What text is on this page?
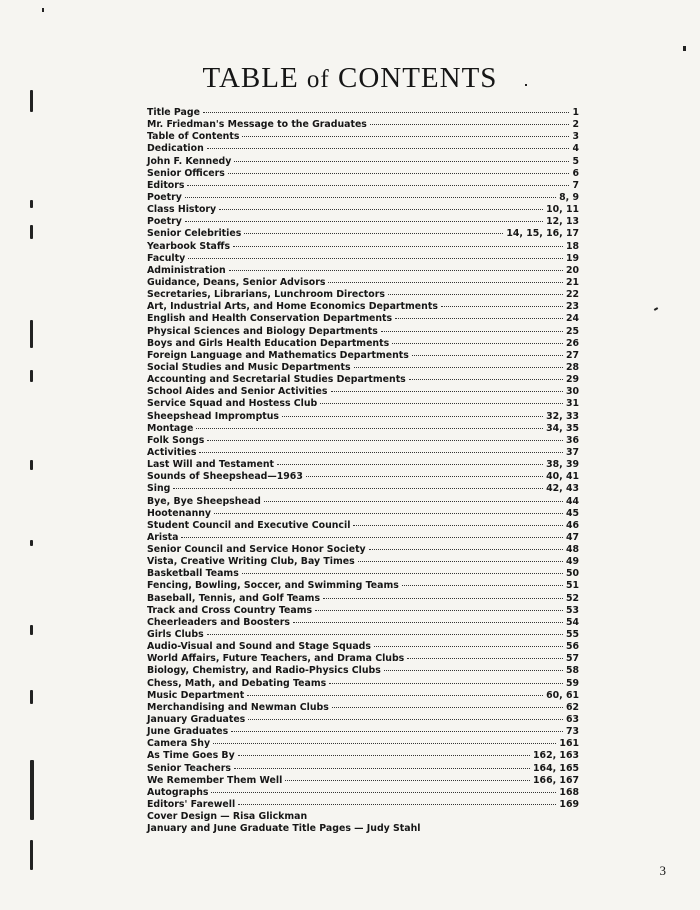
TABLE of CONTENTS
Title Page	1
Mr. Friedman's Message to the Graduates	2
Table of Contents	3
Dedication	4
John F. Kennedy	5
Senior Officers	6
Editors	7
Poetry	8, 9
Class History	10, 11
Poetry	12, 13
Senior Celebrities	14, 15, 16, 17
Yearbook Staffs	18
Faculty	19
Administration	20
Guidance, Deans, Senior Advisors	21
Secretaries, Librarians, Lunchroom Directors	22
Art, Industrial Arts, and Home Economics Departments	23
English and Health Conservation Departments	24
Physical Sciences and Biology Departments	25
Boys and Girls Health Education Departments	26
Foreign Language and Mathematics Departments	27
Social Studies and Music Departments	28
Accounting and Secretarial Studies Departments	29
School Aides and Senior Activities	30
Service Squad and Hostess Club	31
Sheepshead Impromptus	32, 33
Montage	34, 35
Folk Songs	36
Activities	37
Last Will and Testament	38, 39
Sounds of Sheepshead—1963	40, 41
Sing	42, 43
Bye, Bye Sheepshead	44
Hootenanny	45
Student Council and Executive Council	46
Arista	47
Senior Council and Service Honor Society	48
Vista, Creative Writing Club, Bay Times	49
Basketball Teams	50
Fencing, Bowling, Soccer, and Swimming Teams	51
Baseball, Tennis, and Golf Teams	52
Track and Cross Country Teams	53
Cheerleaders and Boosters	54
Girls Clubs	55
Audio-Visual and Sound and Stage Squads	56
World Affairs, Future Teachers, and Drama Clubs	57
Biology, Chemistry, and Radio-Physics Clubs	58
Chess, Math, and Debating Teams	59
Music Department	60, 61
Merchandising and Newman Clubs	62
January Graduates	63
June Graduates	73
Camera Shy	161
As Time Goes By	162, 163
Senior Teachers	164, 165
We Remember Them Well	166, 167
Autographs	168
Editors' Farewell	169
Cover Design — Risa Glickman
January and June Graduate Title Pages — Judy Stahl
3
